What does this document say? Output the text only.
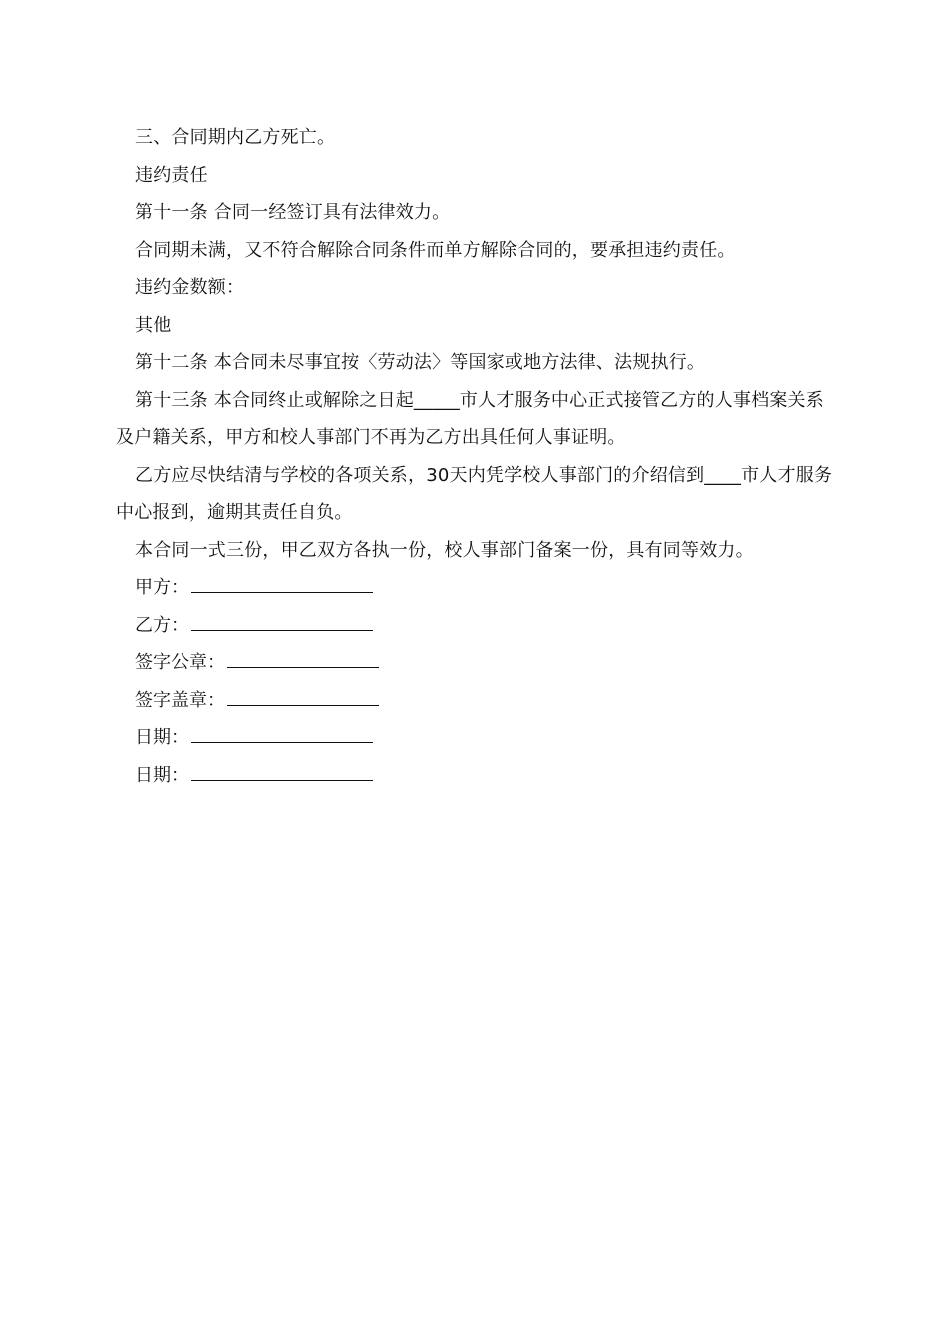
三、合同期内乙方死亡。

违约责任

第十一条 合同一经签订具有法律效力。

合同期未满，又不符合解除合同条件而单方解除合同的，要承担违约责任。

违约金数额：

其他

第十二条 本合同未尽事宜按〈劳动法〉等国家或地方法律、法规执行。

第十三条 本合同终止或解除之日起_____市人才服务中心正式接管乙方的人事档案关系及户籍关系，甲方和校人事部门不再为乙方出具任何人事证明。

乙方应尽快结清与学校的各项关系，30天内凭学校人事部门的介绍信到____市人才服务中心报到，逾期其责任自负。

本合同一式三份，甲乙双方各执一份，校人事部门备案一份，具有同等效力。

甲方：
乙方：
签字公章：
签字盖章：
日期：
日期：
